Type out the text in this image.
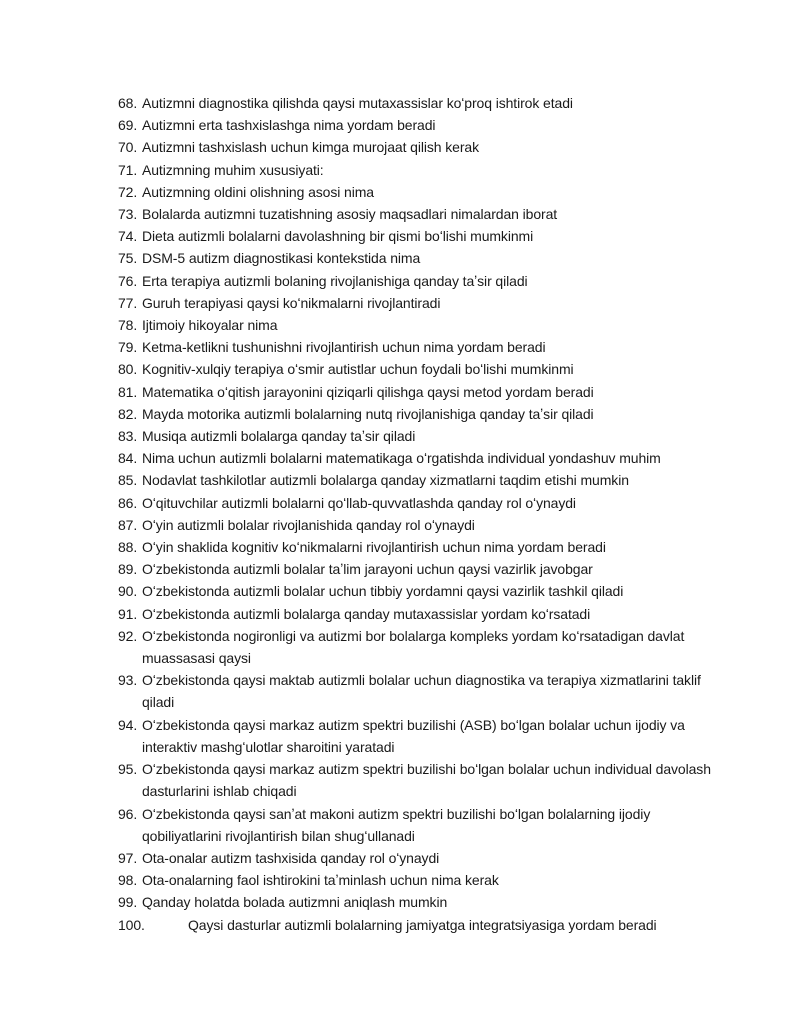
68. Autizmni diagnostika qilishda qaysi mutaxassislar koʻproq ishtirok etadi
69. Autizmni erta tashxislashga nima yordam beradi
70. Autizmni tashxislash uchun kimga murojaat qilish kerak
71. Autizmning muhim xususiyati:
72. Autizmning oldini olishning asosi nima
73. Bolalarda autizmni tuzatishning asosiy maqsadlari nimalardan iborat
74. Dieta autizmli bolalarni davolashning bir qismi boʻlishi mumkinmi
75. DSM-5 autizm diagnostikasi kontekstida nima
76. Erta terapiya autizmli bolaning rivojlanishiga qanday taʼsir qiladi
77. Guruh terapiyasi qaysi koʻnikmalarni rivojlantiradi
78. Ijtimoiy hikoyalar nima
79. Ketma-ketlikni tushunishni rivojlantirish uchun nima yordam beradi
80. Kognitiv-xulqiy terapiya oʻsmir autistlar uchun foydali boʻlishi mumkinmi
81. Matematika oʻqitish jarayonini qiziqarli qilishga qaysi metod yordam beradi
82. Mayda motorika autizmli bolalarning nutq rivojlanishiga qanday taʼsir qiladi
83. Musiqa autizmli bolalarga qanday taʼsir qiladi
84. Nima uchun autizmli bolalarni matematikaga oʻrgatishda individual yondashuv muhim
85. Nodavlat tashkilotlar autizmli bolalarga qanday xizmatlarni taqdim etishi mumkin
86. Oʻqituvchilar autizmli bolalarni qoʻllab-quvvatlashda qanday rol oʻynaydi
87. Oʻyin autizmli bolalar rivojlanishida qanday rol oʻynaydi
88. Oʻyin shaklida kognitiv koʻnikmalarni rivojlantirish uchun nima yordam beradi
89. Oʻzbekistonda autizmli bolalar taʼlim jarayoni uchun qaysi vazirlik javobgar
90. Oʻzbekistonda autizmli bolalar uchun tibbiy yordamni qaysi vazirlik tashkil qiladi
91. Oʻzbekistonda autizmli bolalarga qanday mutaxassislar yordam koʻrsatadi
92. Oʻzbekistonda nogironligi va autizmi bor bolalarga kompleks yordam koʻrsatadigan davlat muassasasi qaysi
93. Oʻzbekistonda qaysi maktab autizmli bolalar uchun diagnostika va terapiya xizmatlarini taklif qiladi
94. Oʻzbekistonda qaysi markaz autizm spektri buzilishi (ASB) boʻlgan bolalar uchun ijodiy va interaktiv mashgʻulotlar sharoitini yaratadi
95. Oʻzbekistonda qaysi markaz autizm spektri buzilishi boʻlgan bolalar uchun individual davolash dasturlarini ishlab chiqadi
96. Oʻzbekistonda qaysi sanʼat makoni autizm spektri buzilishi boʻlgan bolalarning ijodiy qobiliyatlarini rivojlantirish bilan shugʻullanadi
97. Ota-onalar autizm tashxisida qanday rol oʻynaydi
98. Ota-onalarning faol ishtirokini taʼminlash uchun nima kerak
99. Qanday holatda bolada autizmni aniqlash mumkin
100.	Qaysi dasturlar autizmli bolalarning jamiyatga integratsiyasiga yordam beradi
